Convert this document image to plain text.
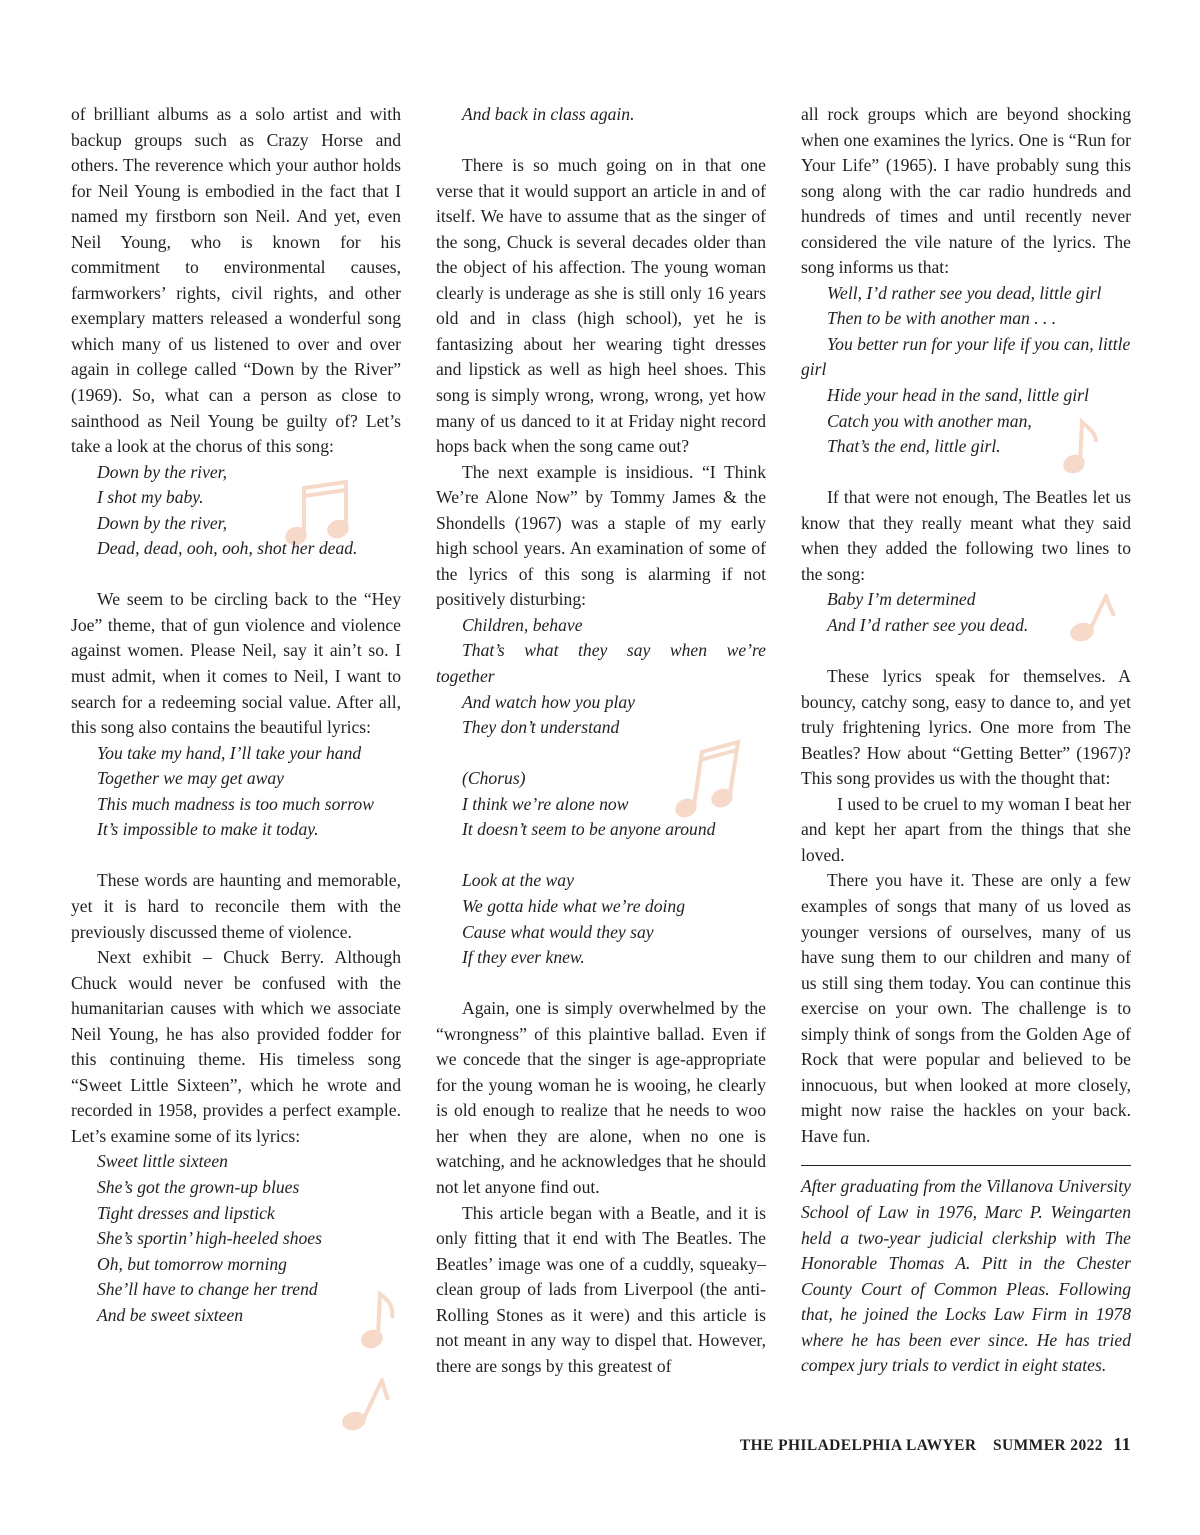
of brilliant albums as a solo artist and with backup groups such as Crazy Horse and others. The reverence which your author holds for Neil Young is embodied in the fact that I named my firstborn son Neil. And yet, even Neil Young, who is known for his commitment to environmental causes, farmworkers’ rights, civil rights, and other exemplary matters released a wonderful song which many of us listened to over and over again in college called “Down by the River” (1969). So, what can a person as close to sainthood as Neil Young be guilty of? Let’s take a look at the chorus of this song:

Down by the river,

I shot my baby.

Down by the river,

Dead, dead, ooh, ooh, shot her dead.

We seem to be circling back to the “Hey Joe” theme, that of gun violence and violence against women. Please Neil, say it ain’t so. I must admit, when it comes to Neil, I want to search for a redeeming social value. After all, this song also contains the beautiful lyrics:

You take my hand, I’ll take your hand

Together we may get away

This much madness is too much sorrow

It’s impossible to make it today.

These words are haunting and memorable, yet it is hard to reconcile them with the previously discussed theme of violence.

Next exhibit – Chuck Berry. Although Chuck would never be confused with the humanitarian causes with which we associate Neil Young, he has also provided fodder for this continuing theme. His timeless song “Sweet Little Sixteen”, which he wrote and recorded in 1958, provides a perfect example. Let’s examine some of its lyrics:

Sweet little sixteen

She’s got the grown-up blues

Tight dresses and lipstick

She’s sportin’ high-heeled shoes

Oh, but tomorrow morning

She’ll have to change her trend

And be sweet sixteen

And back in class again.

There is so much going on in that one verse that it would support an article in and of itself. We have to assume that as the singer of the song, Chuck is several decades older than the object of his affection. The young woman clearly is underage as she is still only 16 years old and in class (high school), yet he is fantasizing about her wearing tight dresses and lipstick as well as high heel shoes. This song is simply wrong, wrong, wrong, yet how many of us danced to it at Friday night record hops back when the song came out?

The next example is insidious. “I Think We’re Alone Now” by Tommy James & the Shondells (1967) was a staple of my early high school years. An examination of some of the lyrics of this song is alarming if not positively disturbing:

Children, behave

That’s what they say when we’re

together

And watch how you play

They don’t understand

(Chorus)

I think we’re alone now

It doesn’t seem to be anyone around

Look at the way

We gotta hide what we’re doing

Cause what would they say

If they ever knew.

Again, one is simply overwhelmed by the “wrongness” of this plaintive ballad. Even if we concede that the singer is age-appropriate for the young woman he is wooing, he clearly is old enough to realize that he needs to woo her when they are alone, when no one is watching, and he acknowledges that he should not let anyone find out.

This article began with a Beatle, and it is only fitting that it end with The Beatles. The Beatles’ image was one of a cuddly, squeaky–clean group of lads from Liverpool (the anti-Rolling Stones as it were) and this article is not meant in any way to dispel that. However, there are songs by this greatest of

all rock groups which are beyond shocking when one examines the lyrics. One is “Run for Your Life” (1965). I have probably sung this song along with the car radio hundreds and hundreds of times and until recently never considered the vile nature of the lyrics. The song informs us that:

Well, I’d rather see you dead, little girl

Then to be with another man . . .

You better run for your life if you can, little girl

Hide your head in the sand, little girl

Catch you with another man,

That’s the end, little girl.

If that were not enough, The Beatles let us know that they really meant what they said when they added the following two lines to the song:

Baby I’m determined

And I’d rather see you dead.

These lyrics speak for themselves. A bouncy, catchy song, easy to dance to, and yet truly frightening lyrics. One more from The Beatles? How about “Getting Better” (1967)? This song provides us with the thought that:

I used to be cruel to my woman I beat her and kept her apart from the things that she loved.

There you have it. These are only a few examples of songs that many of us loved as younger versions of ourselves, many of us have sung them to our children and many of us still sing them today. You can continue this exercise on your own. The challenge is to simply think of songs from the Golden Age of Rock that were popular and believed to be innocuous, but when looked at more closely, might now raise the hackles on your back. Have fun.

After graduating from the Villanova University School of Law in 1976, Marc P. Weingarten held a two-year judicial clerkship with The Honorable Thomas A. Pitt in the Chester County Court of Common Pleas. Following that, he joined the Locks Law Firm in 1978 where he has been ever since. He has tried compex jury trials to verdict in eight states.

THE PHILADELPHIA LAWYER SUMMER 2022 11
